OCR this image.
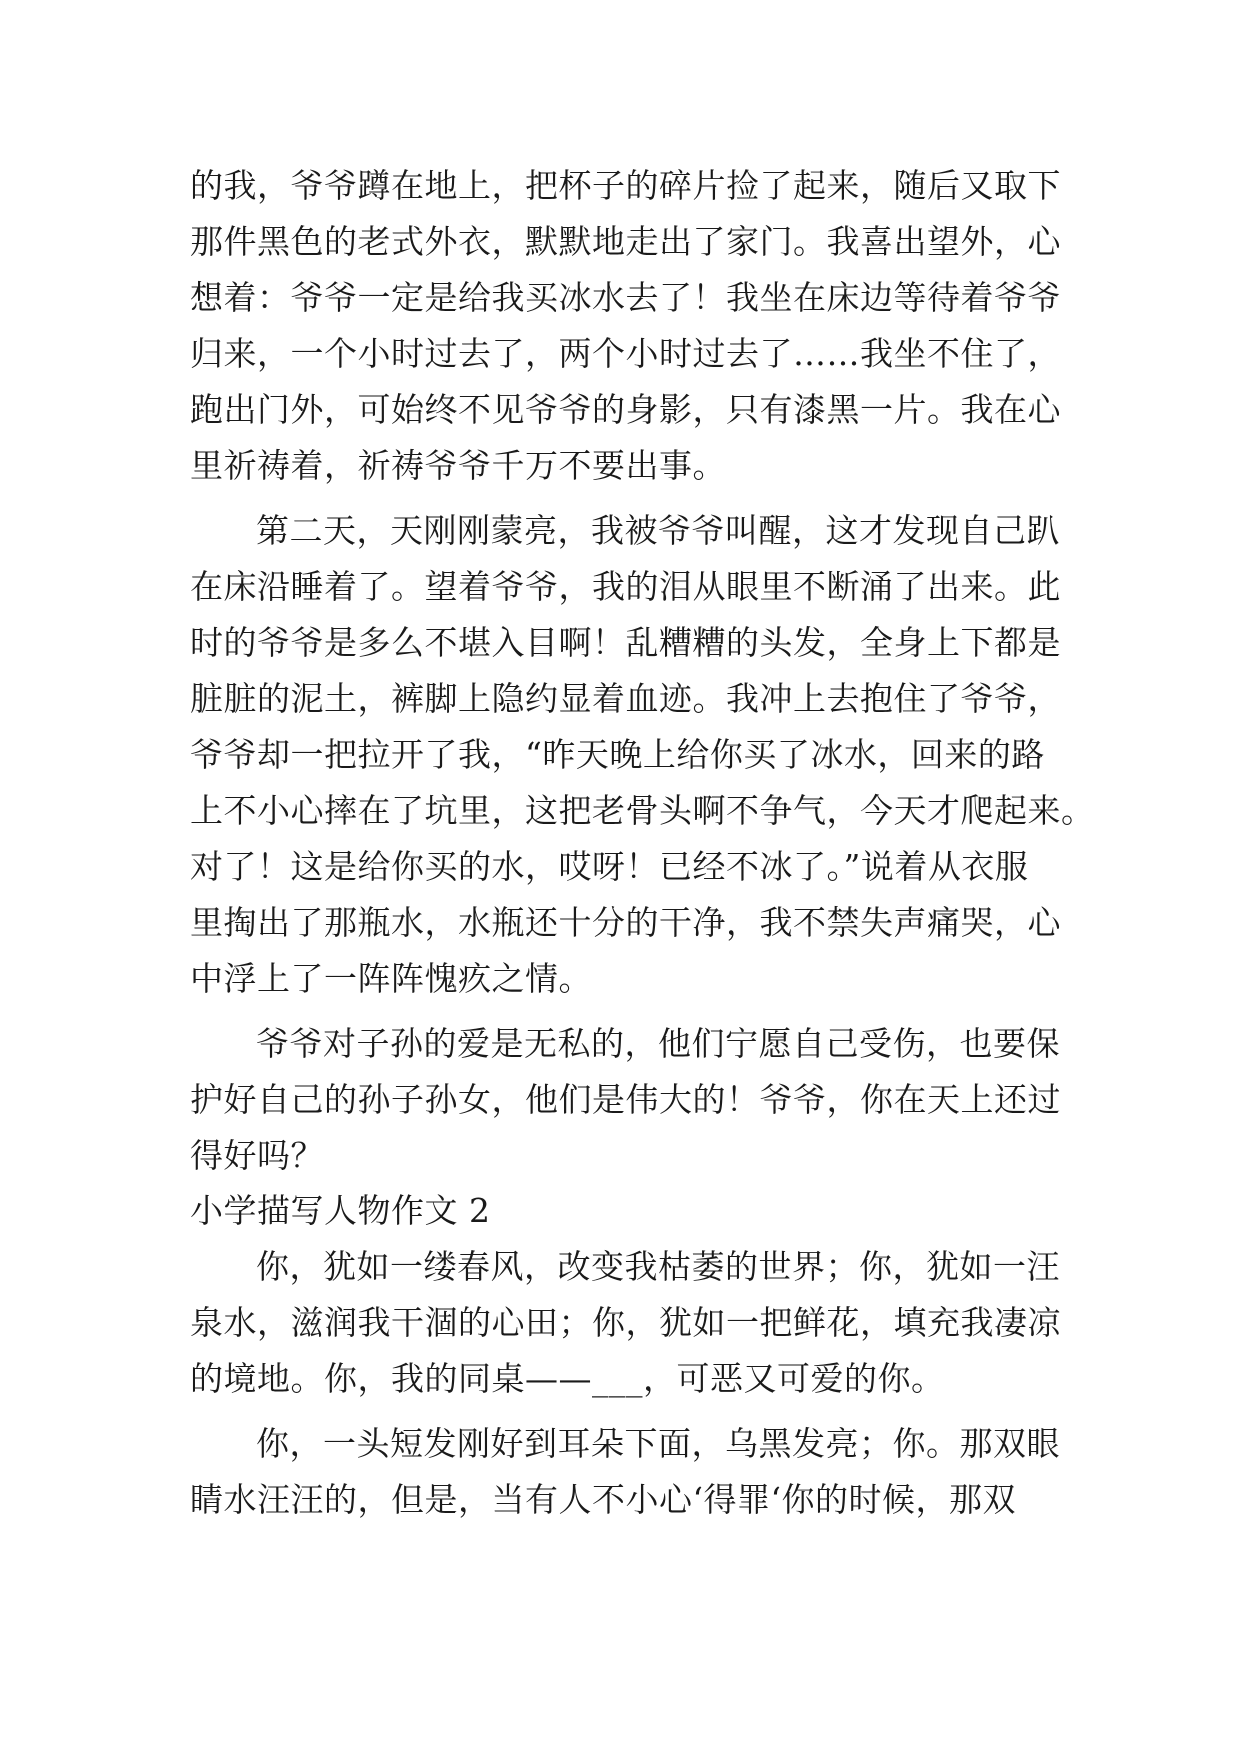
的我，爷爷蹲在地上，把杯子的碎片捡了起来，随后又取下
那件黑色的老式外衣，默默地走出了家门。我喜出望外，心
想着：爷爷一定是给我买冰水去了！我坐在床边等待着爷爷
归来，一个小时过去了，两个小时过去了……我坐不住了，
跑出门外，可始终不见爷爷的身影，只有漆黑一片。我在心
里祈祷着，祈祷爷爷千万不要出事。
第二天，天刚刚蒙亮，我被爷爷叫醒，这才发现自己趴
在床沿睡着了。望着爷爷，我的泪从眼里不断涌了出来。此
时的爷爷是多么不堪入目啊！乱糟糟的头发，全身上下都是
脏脏的泥土，裤脚上隐约显着血迹。我冲上去抱住了爷爷，
爷爷却一把拉开了我，“昨天晚上给你买了冰水，回来的路
上不小心摔在了坑里，这把老骨头啊不争气，今天才爬起来。
对了！这是给你买的水，哎呀！已经不冰了。”说着从衣服
里掏出了那瓶水，水瓶还十分的干净，我不禁失声痛哭，心
中浮上了一阵阵愧疚之情。
爷爷对子孙的爱是无私的，他们宁愿自己受伤，也要保
护好自己的孙子孙女，他们是伟大的！爷爷，你在天上还过
得好吗？
小学描写人物作文 2
你，犹如一缕春风，改变我枯萎的世界；你，犹如一汪
泉水，滋润我干涸的心田；你，犹如一把鲜花，填充我凄凉
的境地。你，我的同桌——___，可恶又可爱的你。
你，一头短发刚好到耳朵下面，乌黑发亮；你。那双眼
睛水汪汪的，但是，当有人不小心‘得罪‘你的时候，那双
